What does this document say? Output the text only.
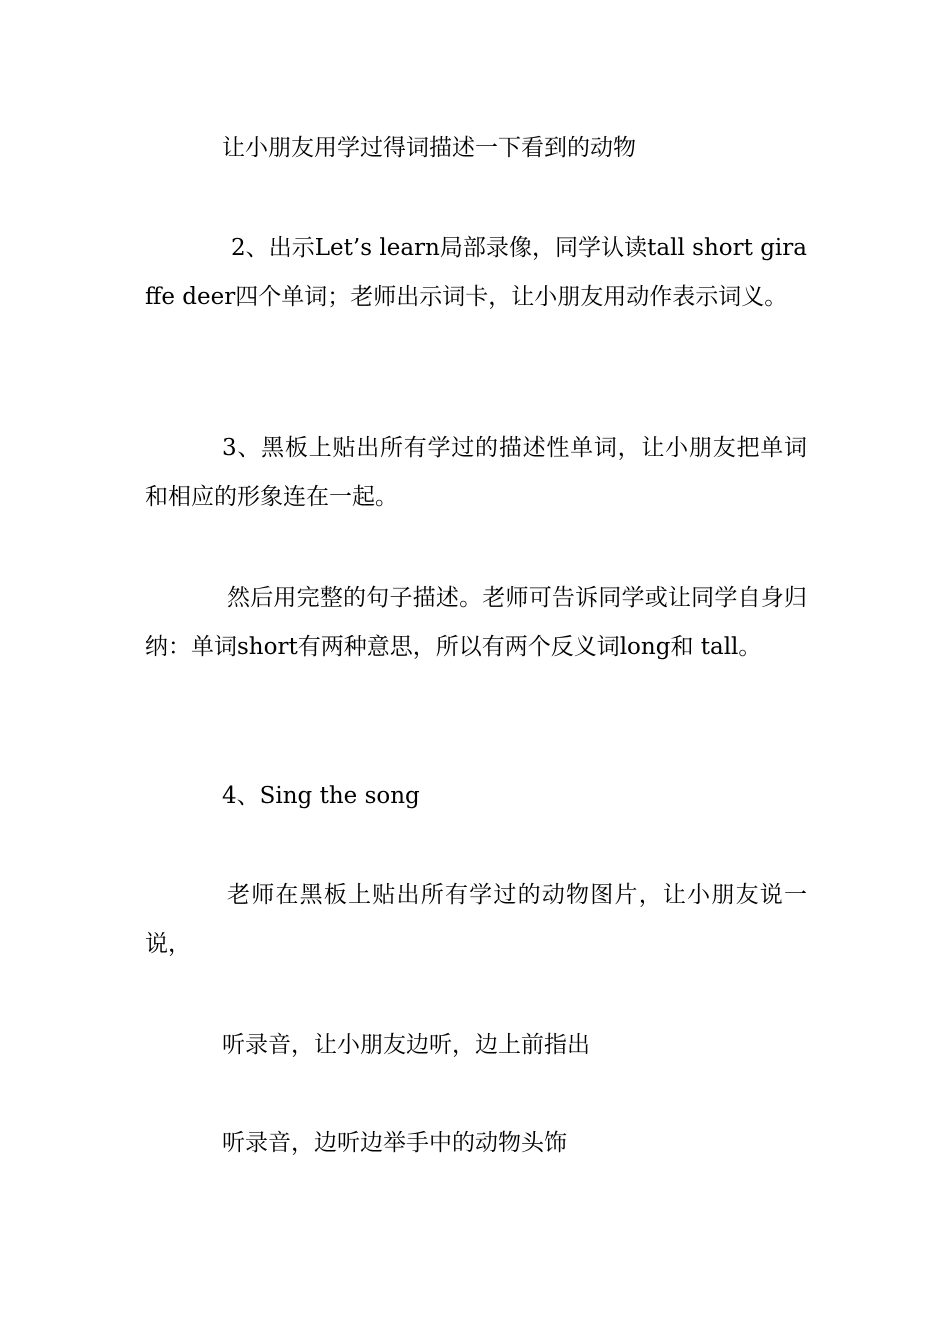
让小朋友用学过得词描述一下看到的动物

2、出示Let’s learn局部录像，同学认读tall short giraffe deer四个单词；老师出示词卡，让小朋友用动作表示词义。

3、黑板上贴出所有学过的描述性单词，让小朋友把单词和相应的形象连在一起。

然后用完整的句子描述。老师可告诉同学或让同学自身归纳：单词short有两种意思，所以有两个反义词long和 tall。

4、Sing the song

老师在黑板上贴出所有学过的动物图片，让小朋友说一说，

听录音，让小朋友边听，边上前指出

听录音，边听边举手中的动物头饰
